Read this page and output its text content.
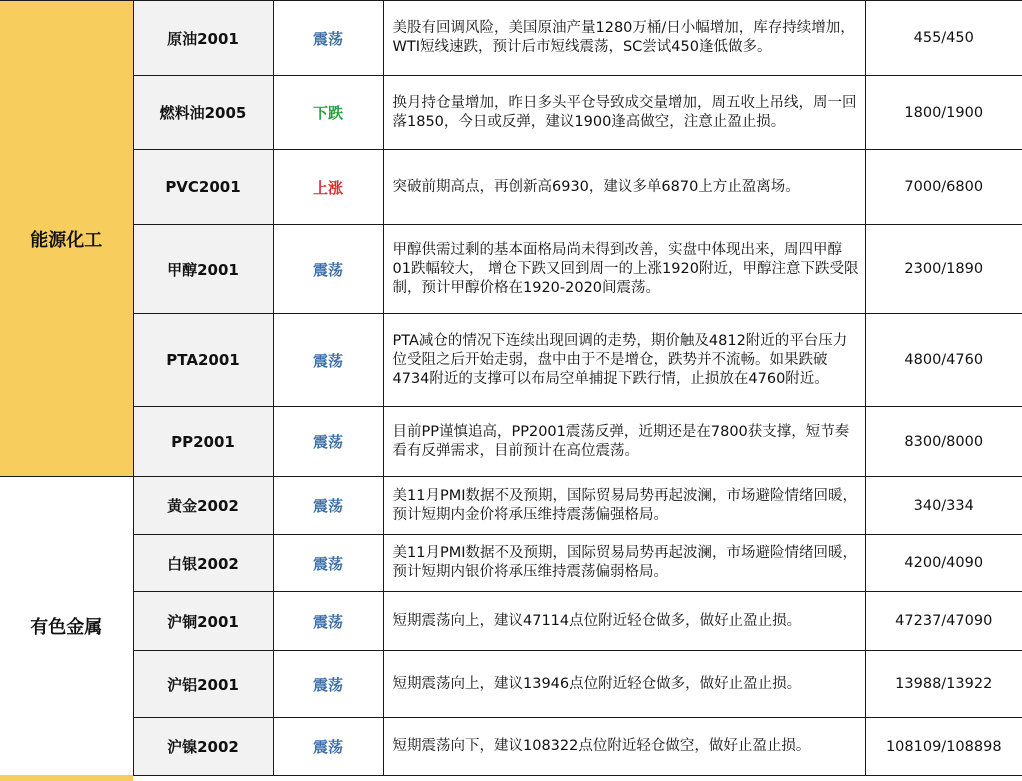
能源化工	原油2001	震荡	美股有回调风险，美国原油产量1280万桶/日小幅增加，库存持续增加，WTI短线速跌，预计后市短线震荡，SC尝试450逢低做多。	455/450
	燃料油2005	下跌	换月持仓量增加，昨日多头平仓导致成交量增加，周五收上吊线，周一回落1850，今日或反弹，建议1900逢高做空，注意止盈止损。	1800/1900
	PVC2001	上涨	突破前期高点，再创新高6930，建议多单6870上方止盈离场。	7000/6800
	甲醇2001	震荡	甲醇供需过剩的基本面格局尚未得到改善，实盘中体现出来，周四甲醇01跌幅较大， 增仓下跌又回到周一的上涨1920附近，甲醇注意下跌受限制，预计甲醇价格在1920-2020间震荡。	2300/1890
	PTA2001	震荡	PTA减仓的情况下连续出现回调的走势，期价触及4812附近的平台压力位受阻之后开始走弱，盘中由于不是增仓，跌势并不流畅。如果跌破4734附近的支撑可以布局空单捕捉下跌行情，止损放在4760附近。	4800/4760
	PP2001	震荡	目前PP谨慎追高，PP2001震荡反弹，近期还是在7800获支撑，短节奏看有反弹需求，目前预计在高位震荡。	8300/8000
有色金属	黄金2002	震荡	美11月PMI数据不及预期，国际贸易局势再起波澜，市场避险情绪回暖，预计短期内金价将承压维持震荡偏强格局。	340/334
	白银2002	震荡	美11月PMI数据不及预期，国际贸易局势再起波澜，市场避险情绪回暖，预计短期内银价将承压维持震荡偏弱格局。	4200/4090
	沪铜2001	震荡	短期震荡向上，建议47114点位附近轻仓做多，做好止盈止损。	47237/47090
	沪铝2001	震荡	短期震荡向上，建议13946点位附近轻仓做多，做好止盈止损。	13988/13922
	沪镍2002	震荡	短期震荡向下，建议108322点位附近轻仓做空，做好止盈止损。	108109/108898
